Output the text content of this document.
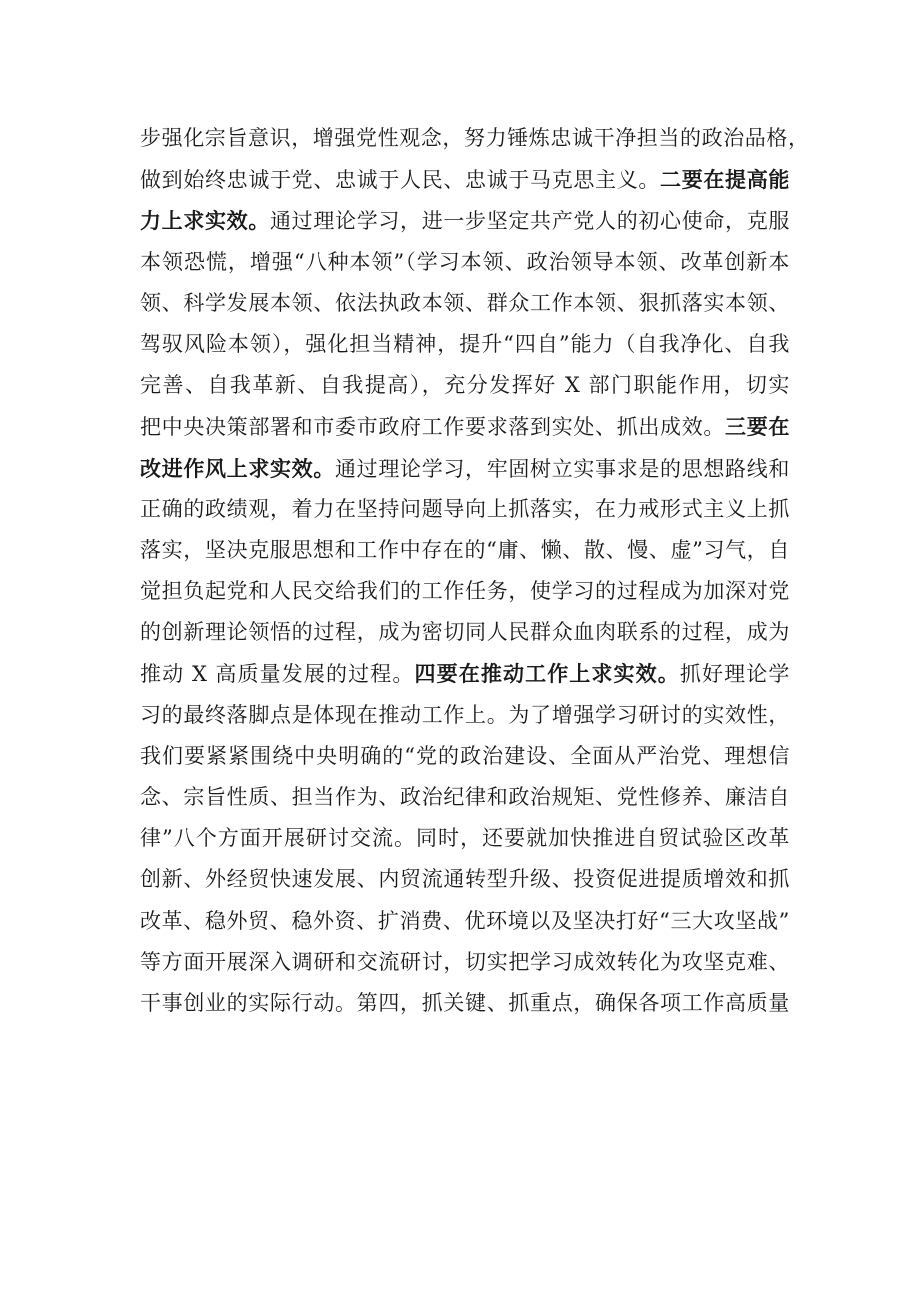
步强化宗旨意识，增强党性观念，努力锤炼忠诚干净担当的政治品格，
做到始终忠诚于党、忠诚于人民、忠诚于马克思主义。二要在提高能
力上求实效。通过理论学习，进一步坚定共产党人的初心使命，克服
本领恐慌，增强“八种本领”（学习本领、政治领导本领、改革创新本
领、科学发展本领、依法执政本领、群众工作本领、狠抓落实本领、
驾驭风险本领），强化担当精神，提升“四自”能力（自我净化、自我
完善、自我革新、自我提高），充分发挥好 X 部门职能作用，切实
把中央决策部署和市委市政府工作要求落到实处、抓出成效。三要在
改进作风上求实效。通过理论学习，牢固树立实事求是的思想路线和
正确的政绩观，着力在坚持问题导向上抓落实，在力戒形式主义上抓
落实，坚决克服思想和工作中存在的“庸、懒、散、慢、虚”习气，自
觉担负起党和人民交给我们的工作任务，使学习的过程成为加深对党
的创新理论领悟的过程，成为密切同人民群众血肉联系的过程，成为
推动 X 高质量发展的过程。四要在推动工作上求实效。抓好理论学
习的最终落脚点是体现在推动工作上。为了增强学习研讨的实效性，
我们要紧紧围绕中央明确的“党的政治建设、全面从严治党、理想信
念、宗旨性质、担当作为、政治纪律和政治规矩、党性修养、廉洁自
律”八个方面开展研讨交流。同时，还要就加快推进自贸试验区改革
创新、外经贸快速发展、内贸流通转型升级、投资促进提质增效和抓
改革、稳外贸、稳外资、扩消费、优环境以及坚决打好“三大攻坚战”
等方面开展深入调研和交流研讨，切实把学习成效转化为攻坚克难、
干事创业的实际行动。第四，抓关键、抓重点，确保各项工作高质量
